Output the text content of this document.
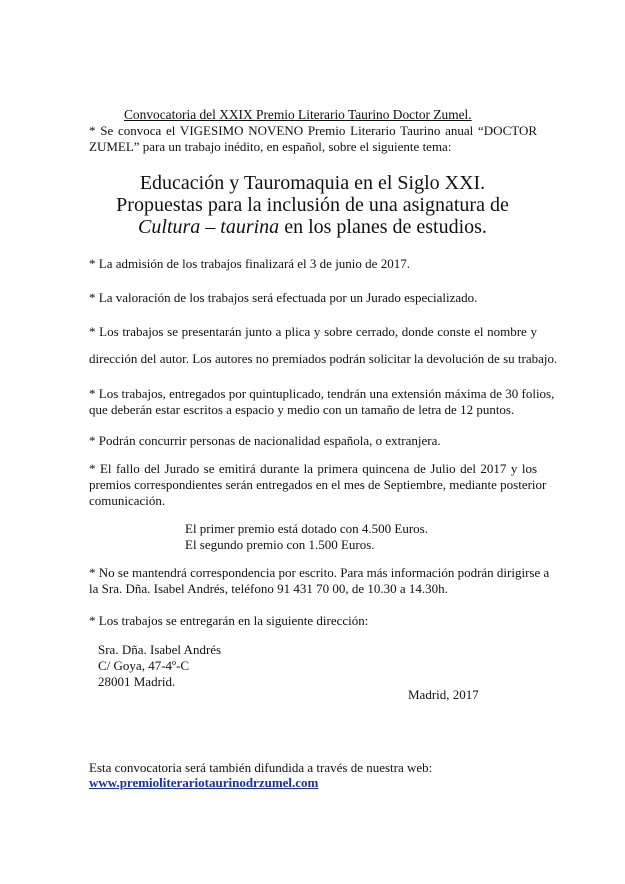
Convocatoria del XXIX Premio Literario Taurino Doctor Zumel.
* Se convoca el VIGESIMO NOVENO Premio Literario Taurino anual “DOCTOR
ZUMEL” para un trabajo inédito, en español, sobre el siguiente tema:
Educación y Tauromaquia en el Siglo XXI.
Propuestas para la inclusión de una asignatura de
Cultura – taurina en los planes de estudios.
* La admisión de los trabajos finalizará el 3 de junio de 2017.
* La valoración de los trabajos será efectuada por un Jurado especializado.
* Los trabajos se presentarán junto a plica y sobre cerrado, donde conste el nombre y
dirección del autor. Los autores no premiados podrán solicitar la devolución de su trabajo.
* Los trabajos, entregados por quintuplicado, tendrán una extensión máxima de 30 folios,
que deberán estar escritos a espacio y medio con un tamaño de letra de 12 puntos.
* Podrán concurrir personas de nacionalidad española, o extranjera.
* El fallo del Jurado se emitirá durante la primera quincena de Julio del 2017 y los
premios correspondientes serán entregados en el mes de Septiembre, mediante posterior
comunicación.
El primer premio está dotado con 4.500 Euros.
El segundo premio con 1.500 Euros.
* No se mantendrá correspondencia por escrito. Para más información podrán dirigirse a
la Sra. Dña. Isabel Andrés, teléfono 91 431 70 00, de 10.30 a 14.30h.
* Los trabajos se entregarán en la siguiente dirección:
Sra. Dña. Isabel Andrés
C/ Goya, 47-4º-C
28001 Madrid.
Madrid, 2017
Esta convocatoria será también difundida a través de nuestra web:
www.premioliterariotaurinodrzumel.com
